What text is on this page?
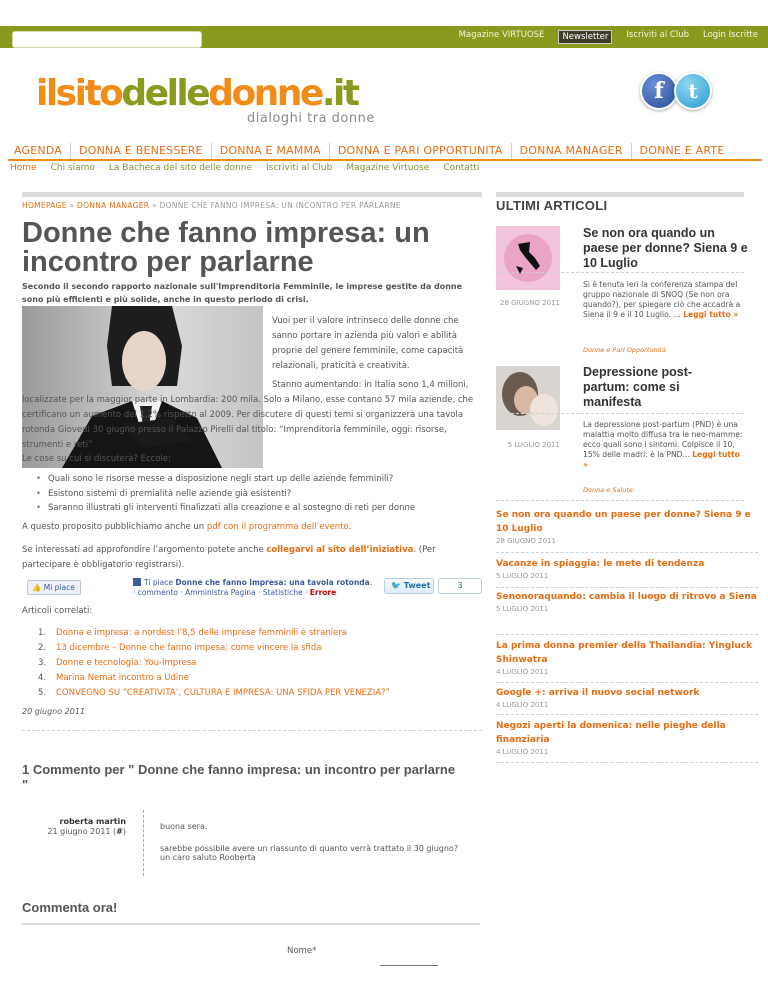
Magazine VIRTUOSE	Newsletter	Iscriviti al Club Login Iscritte
ilsitodelledonne.it
dialoghi tra donne
f	t
AGENDA	DONNA E BENESSERE	DONNA E MAMMA	DONNA E PARI OPPORTUNITA	DONNA MANAGER	DONNE E ARTE
Home Chi siamo La Bacheca del sito delle donne Iscriviti al Club Magazine Virtuose Contatti
HOMEPAGE » DONNA MANAGER » DONNE CHE FANNO IMPRESA: UN INCONTRO PER PARLARNE
Donne che fanno impresa: un incontro per parlarne
Secondo il secondo rapporto nazionale sull'Imprenditoria Femminile, le imprese gestite da donne sono più efficienti e più solide, anche in questo periodo di crisi.
Vuoi per il valore intrinseco delle donne che sanno portare in azienda più valori e abilità proprie del genere femminile, come capacità relazionali, praticità e creatività.
Stanno aumentando: in Italia sono 1,4 milioni, localizzate per la maggior parte in Lombardia: 200 mila. Solo a Milano, esse contano 57 mila aziende, che certificano un aumento del 1,2% rispetto al 2009. Per discutere di questi temi si organizzerà una tavola rotonda Giovedì 30 giugno presso il Palazzo Pirelli dal titolo: “Imprenditoria femminile, oggi: risorse, strumenti e reti”
Le cose su cui si discuterà? Eccole:
• Quali sono le risorse messe a disposizione negli start up delle aziende femminili?
• Esistono sistemi di premialità nelle aziende già esistenti?
• Saranno illustrati gli interventi finalizzati alla creazione e al sostegno di reti per donne
A questo proposito pubblichiamo anche un pdf con il programma dell’evento.
Se interessati ad approfondire l’argomento potete anche collegarvi al sito dell’iniziativa. (Per partecipare è obbligatorio registrarsi).
👍 Mi piace
Ti piace Donne che fanno impresa: una tavola rotonda. · commento · Amministra Pagina · Statistiche · Errore
🐦 Tweet	3
Articoli correlati:
1. Donna e impresa: a nordest l’8,5 delle imprese femminili è straniera
2. 13 dicembre – Donne che fanno impesa: come vincere la sfida
3. Donne e tecnologia: You-Impresa
4. Marina Nemat incontro a Udine
5. CONVEGNO SU “CREATIVITA’, CULTURA E IMPRESA: UNA SFIDA PER VENEZIA?”
20 giugno 2011
1 Commento per " Donne che fanno impresa: un incontro per parlarne "
roberta martin
21 giugno 2011 (#)

buona sera.

sarebbe possibile avere un riassunto di quanto verrà trattato il 30 giugno?
un caro saluto Rooberta
Commenta ora!
Nome*
ULTIMI ARTICOLI
Se non ora quando un paese per donne? Siena 9 e 10 Luglio
28 GIUGNO 2011
Si è tenuta ieri la conferenza stampa del gruppo nazionale di SNOQ (Se non ora quando?), per spiegare ciò che accadrà a Siena il 9 e il 10 Luglio. ... Leggi tutto »
Donne e Pari Opportunità
Depressione post-partum: come si manifesta
5 LUGLIO 2011
La depressione post-partum (PND) è una malattia molto diffusa tra le neo-mamme: ecco quali sono i sintomi. Colpisce il 10, 15% delle madri: è la PND... Leggi tutto »
Donna e Salute
Se non ora quando un paese per donne? Siena 9 e 10 Luglio
28 GIUGNO 2011
Vacanze in spiaggia: le mete di tendenza
5 LUGLIO 2011
Senonoraquando: cambia il luogo di ritrovo a Siena
5 LUGLIO 2011
La prima donna premier della Thailandia: Yingluck Shinwatra
4 LUGLIO 2011
Google +: arriva il nuovo social network
4 LUGLIO 2011
Negozi aperti la domenica: nelle pieghe della finanziaria
4 LUGLIO 2011
